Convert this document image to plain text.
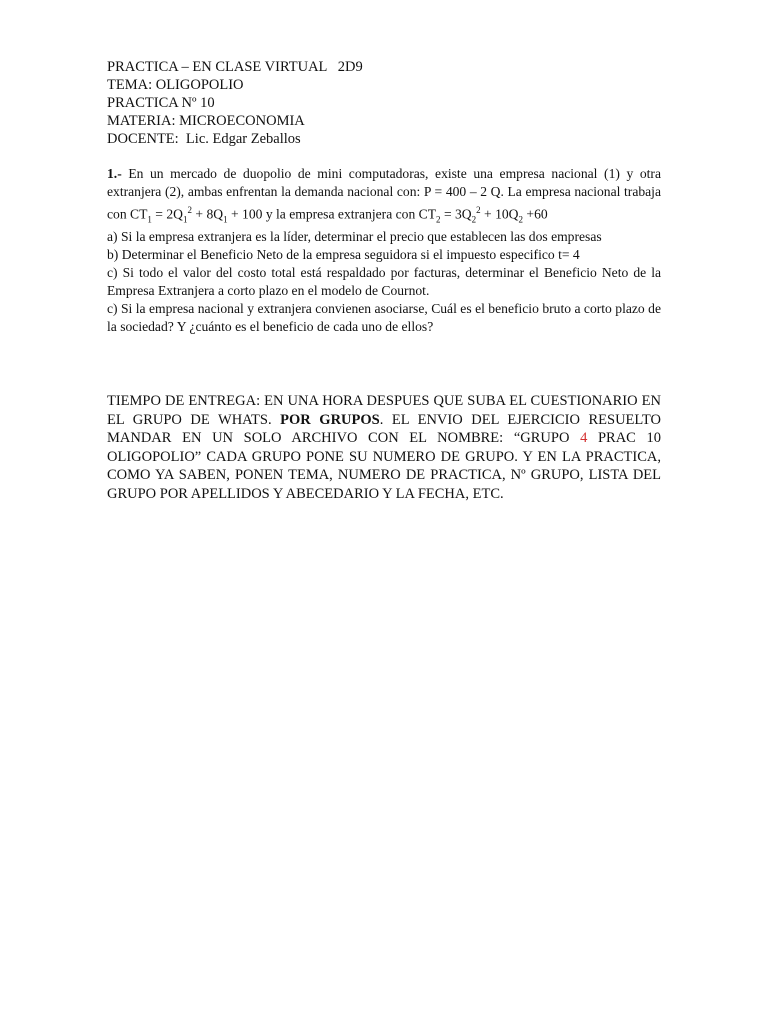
PRACTICA – EN CLASE VIRTUAL   2D9
TEMA: OLIGOPOLIO
PRACTICA Nº 10
MATERIA: MICROECONOMIA
DOCENTE:  Lic. Edgar Zeballos
1.- En un mercado de duopolio de mini computadoras, existe una empresa nacional (1) y otra extranjera (2), ambas enfrentan la demanda nacional con: P = 400 – 2 Q. La empresa nacional trabaja con $CT_1 = 2Q_1^2 + 8Q_1 + 100$ y la empresa extranjera con $CT_2 = 3Q_2^2 + 10Q_2 +60$
a) Si la empresa extranjera es la líder, determinar el precio que establecen las dos empresas
b) Determinar el Beneficio Neto de la empresa seguidora si el impuesto especifico t= 4
c) Si todo el valor del costo total está respaldado por facturas, determinar el Beneficio Neto de la Empresa Extranjera a corto plazo en el modelo de Cournot.
c) Si la empresa nacional y extranjera convienen asociarse, Cuál es el beneficio bruto a corto plazo de la sociedad? Y ¿cuánto es el beneficio de cada uno de ellos?
TIEMPO DE ENTREGA: EN UNA HORA DESPUES QUE SUBA EL CUESTIONARIO EN EL GRUPO DE WHATS. POR GRUPOS. EL ENVIO DEL EJERCICIO RESUELTO MANDAR EN UN SOLO ARCHIVO CON EL NOMBRE: “GRUPO 4 PRAC 10 OLIGOPOLIO” CADA GRUPO PONE SU NUMERO DE GRUPO. Y EN LA PRACTICA, COMO YA SABEN, PONEN TEMA, NUMERO DE PRACTICA, Nº GRUPO, LISTA DEL GRUPO POR APELLIDOS Y ABECEDARIO Y LA FECHA, ETC.
